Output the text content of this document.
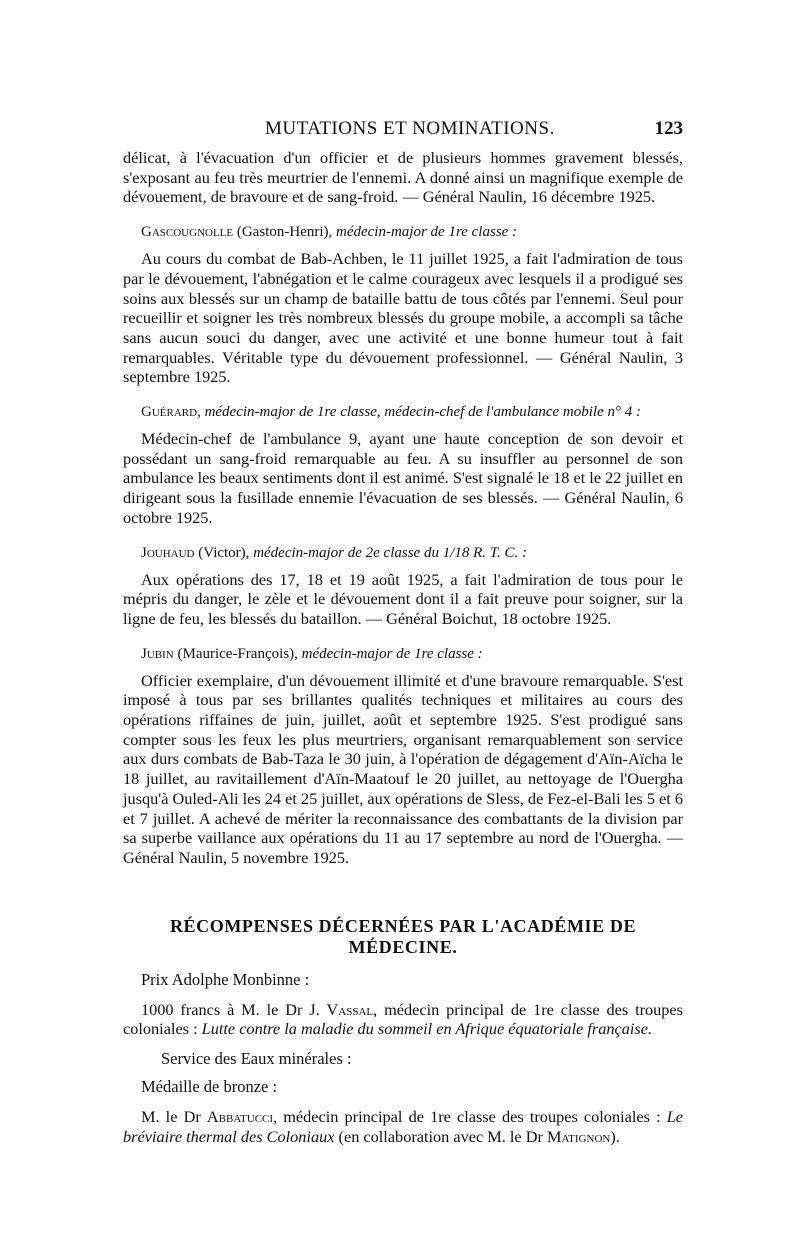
MUTATIONS ET NOMINATIONS.	123

délicat, à l'évacuation d'un officier et de plusieurs hommes gravement blessés, s'exposant au feu très meurtrier de l'ennemi. A donné ainsi un magnifique exemple de dévouement, de bravoure et de sang-froid. — Général Naulin, 16 décembre 1925.

Gascougnolle (Gaston-Henri), médecin-major de 1re classe :

Au cours du combat de Bab-Achben, le 11 juillet 1925, a fait l'admiration de tous par le dévouement, l'abnégation et le calme courageux avec lesquels il a prodigué ses soins aux blessés sur un champ de bataille battu de tous côtés par l'ennemi. Seul pour recueillir et soigner les très nombreux blessés du groupe mobile, a accompli sa tâche sans aucun souci du danger, avec une activité et une bonne humeur tout à fait remarquables. Véritable type du dévouement professionnel. — Général Naulin, 3 septembre 1925.

Guérard, médecin-major de 1re classe, médecin-chef de l'ambulance mobile n° 4 :

Médecin-chef de l'ambulance 9, ayant une haute conception de son devoir et possédant un sang-froid remarquable au feu. A su insuffler au personnel de son ambulance les beaux sentiments dont il est animé. S'est signalé le 18 et le 22 juillet en dirigeant sous la fusillade ennemie l'évacuation de ses blessés. — Général Naulin, 6 octobre 1925.

Jouhaud (Victor), médecin-major de 2e classe du 1/18 R. T. C. :

Aux opérations des 17, 18 et 19 août 1925, a fait l'admiration de tous pour le mépris du danger, le zèle et le dévouement dont il a fait preuve pour soigner, sur la ligne de feu, les blessés du bataillon. — Général Boichut, 18 octobre 1925.

Jubin (Maurice-François), médecin-major de 1re classe :

Officier exemplaire, d'un dévouement illimité et d'une bravoure remarquable. S'est imposé à tous par ses brillantes qualités techniques et militaires au cours des opérations riffaines de juin, juillet, août et septembre 1925. S'est prodigué sans compter sous les feux les plus meurtriers, organisant remarquablement son service aux durs combats de Bab-Taza le 30 juin, à l'opération de dégagement d'Aïn-Aïcha le 18 juillet, au ravitaillement d'Aïn-Maatouf le 20 juillet, au nettoyage de l'Ouergha jusqu'à Ouled-Ali les 24 et 25 juillet, aux opérations de Sless, de Fez-el-Bali les 5 et 6 et 7 juillet. A achevé de mériter la reconnaissance des combattants de la division par sa superbe vaillance aux opérations du 11 au 17 septembre au nord de l'Ouergha. — Général Naulin, 5 novembre 1925.

RÉCOMPENSES DÉCERNÉES PAR L'ACADÉMIE DE MÉDECINE.

Prix Adolphe Monbinne :

1000 francs à M. le Dr J. Vassal, médecin principal de 1re classe des troupes coloniales : Lutte contre la maladie du sommeil en Afrique équatoriale française.

Service des Eaux minérales :

Médaille de bronze :

M. le Dr Abbatucci, médecin principal de 1re classe des troupes coloniales : Le bréviaire thermal des Coloniaux (en collaboration avec M. le Dr Matignon).
